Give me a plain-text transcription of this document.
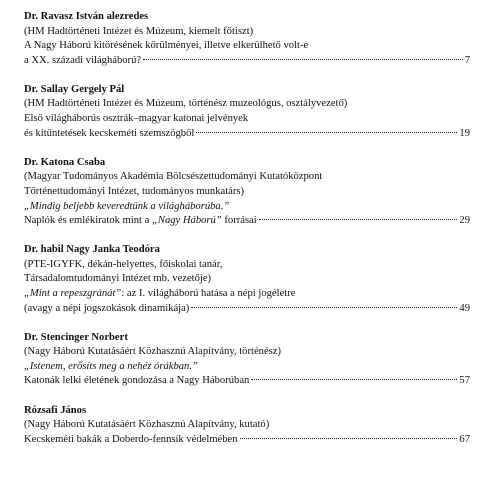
Dr. Ravasz István alezredes
(HM Hadtörténeti Intézet és Múzeum, kiemelt főtiszt)
A Nagy Háború kitörésének körülményei, illetve elkerülhető volt-e
a XX. századi világháború?	7
Dr. Sallay Gergely Pál
(HM Hadtörténeti Intézet és Múzeum, történész muzeológus, osztályvezető)
Első világháborús osztrák–magyar katonai jelvények
és kitüntetések kecskeméti szemszögből	19
Dr. Katona Csaba
(Magyar Tudományos Akadémia Bölcsészettudományi Kutatóközpont
Történettudományi Intézet, tudományos munkatárs)
„Mindig beljebb keveredtünk a világháborúba.”
Naplók és emlékiratok mint a „Nagy Háború” forrásai	29
Dr. habil Nagy Janka Teodóra
(PTE-IGYFK, dékán-helyettes, főiskolai tanár,
Társadalomtudományi Intézet mb. vezetője)
„Mint a repeszgránát”: az I. világháború hatása a népi jogéletre
(avagy a népi jogszokások dinamikája)	49
Dr. Stencinger Norbert
(Nagy Háború Kutatásáért Közhasznú Alapítvány, történész)
„Istenem, erősíts meg a nehéz órákban.”
Katonák lelki életének gondozása a Nagy Háborúban	57
Rózsafi János
(Nagy Háború Kutatásáért Közhasznú Alapítvány, kutató)
Kecskeméti bakák a Doberdo-fennsík védelmében	67
